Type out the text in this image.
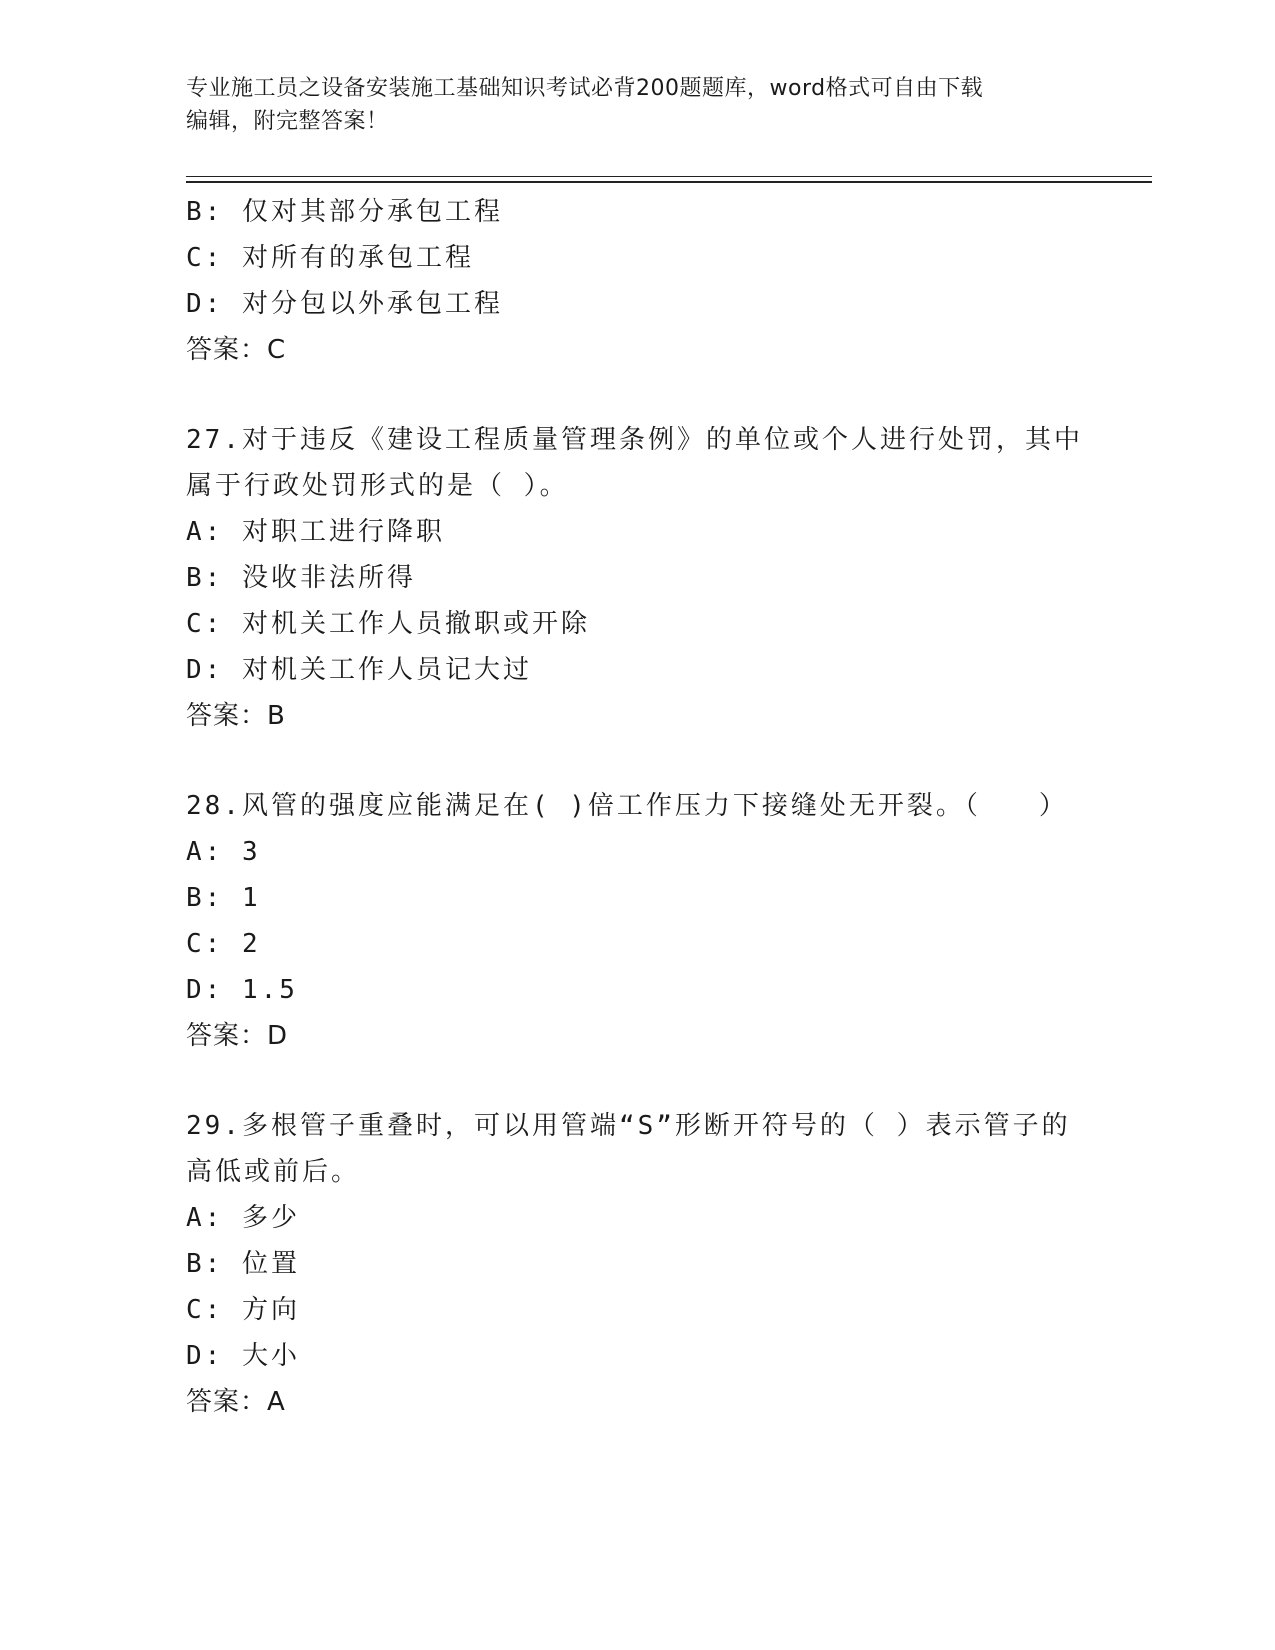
专业施工员之设备安装施工基础知识考试必背200题题库，word格式可自由下载
编辑，附完整答案！
B: 仅对其部分承包工程
C: 对所有的承包工程
D: 对分包以外承包工程
答案：C
27.对于违反《建设工程质量管理条例》的单位或个人进行处罚，其中
属于行政处罚形式的是（ ）。
A: 对职工进行降职
B: 没收非法所得
C: 对机关工作人员撤职或开除
D: 对机关工作人员记大过
答案：B
28.风管的强度应能满足在( )倍工作压力下接缝处无开裂。（　　）
A: 3
B: 1
C: 2
D: 1.5
答案：D
29.多根管子重叠时，可以用管端“S”形断开符号的（ ）表示管子的
高低或前后。
A: 多少
B: 位置
C: 方向
D: 大小
答案：A
